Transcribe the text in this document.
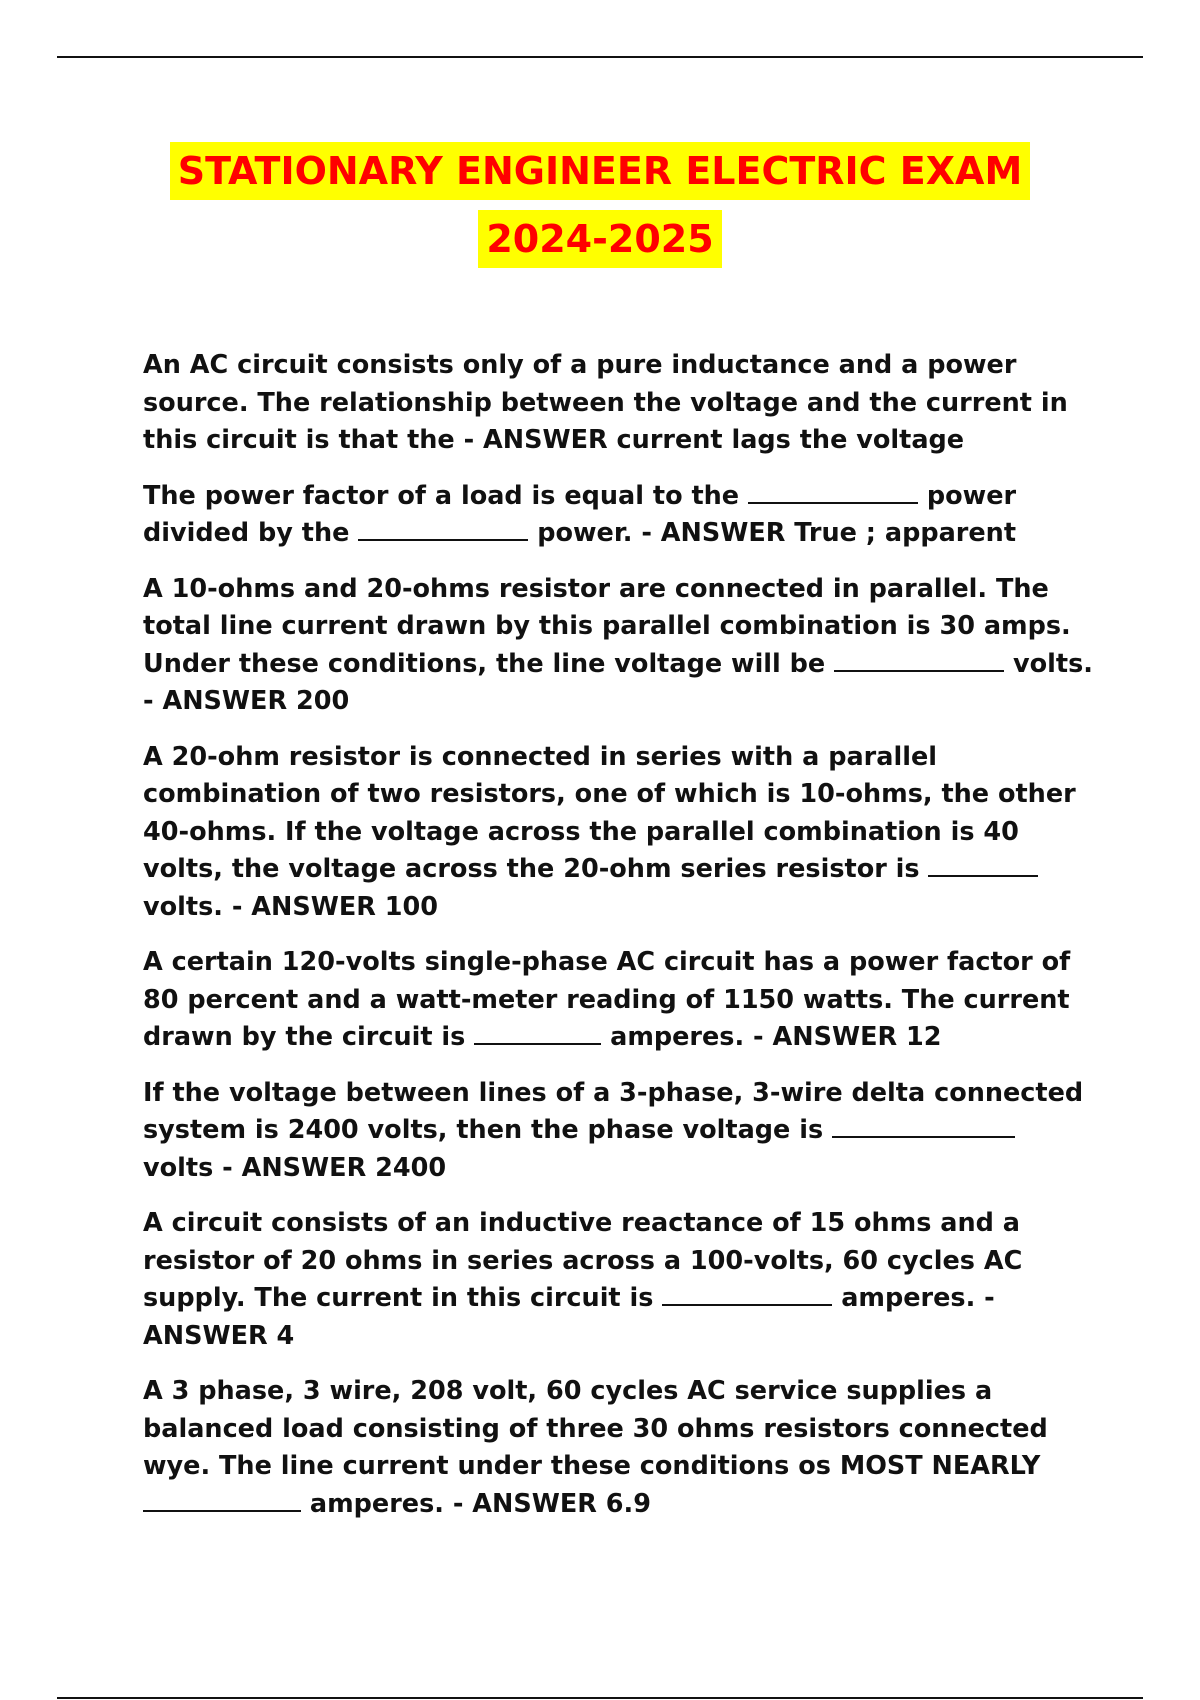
STATIONARY ENGINEER ELECTRIC EXAM
2024-2025

An AC circuit consists only of a pure inductance and a power source. The relationship between the voltage and the current in this circuit is that the - ANSWER current lags the voltage

The power factor of a load is equal to the	power divided by the	power. - ANSWER True ; apparent

A 10-ohms and 20-ohms resistor are connected in parallel. The total line current drawn by this parallel combination is 30 amps. Under these conditions, the line voltage will be	volts. - ANSWER 200

A 20-ohm resistor is connected in series with a parallel combination of two resistors, one of which is 10-ohms, the other 40-ohms. If the voltage across the parallel combination is 40 volts, the voltage across the 20-ohm series resistor is  volts. - ANSWER 100

A certain 120-volts single-phase AC circuit has a power factor of 80 percent and a watt-meter reading of 1150 watts. The current drawn by the circuit is	amperes. - ANSWER 12

If the voltage between lines of a 3-phase, 3-wire delta connected system is 2400 volts, then the phase voltage is  volts - ANSWER 2400

A circuit consists of an inductive reactance of 15 ohms and a resistor of 20 ohms in series across a 100-volts, 60 cycles AC supply. The current in this circuit is	amperes. - ANSWER 4

A 3 phase, 3 wire, 208 volt, 60 cycles AC service supplies a balanced load consisting of three 30 ohms resistors connected wye. The line current under these conditions os MOST NEARLY  amperes. - ANSWER 6.9
